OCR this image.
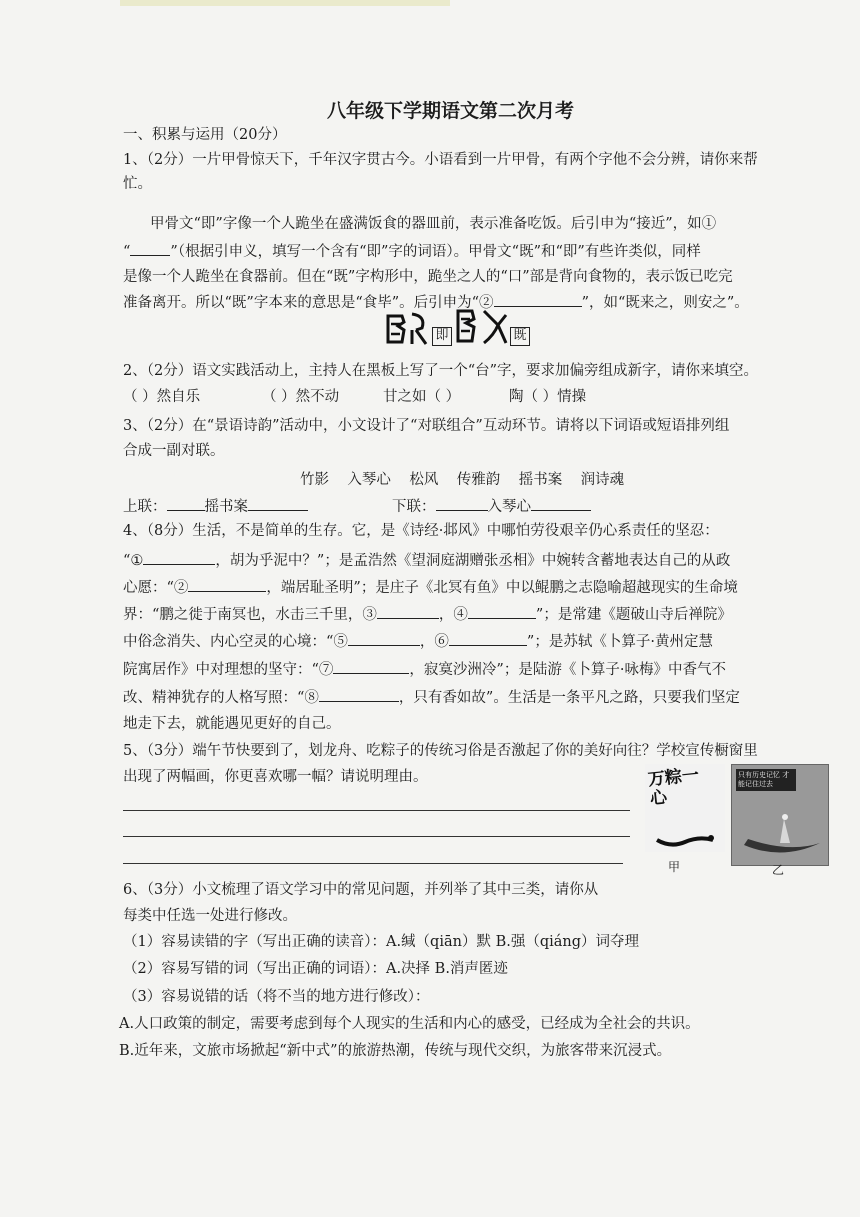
八年级下学期语文第二次月考
一、积累与运用（20分）
1、（2分）一片甲骨惊天下，千年汉字贯古今。小语看到一片甲骨，有两个字他不会分辨，请你来帮
忙。
甲骨文“即”字像一个人跪坐在盛满饭食的器皿前，表示准备吃饭。后引申为“接近”，如①
“	”（根据引申义，填写一个含有“即”字的词语）。甲骨文“既”和“即”有些许类似，同样
是像一个人跪坐在食器前。但在“既”字构形中，跪坐之人的“口”部是背向食物的，表示饭已吃完
准备离开。所以“既”字本来的意思是“食毕”。后引申为“②	”，如“既来之，则安之”。
即	既
2、（2分）语文实践活动上，主持人在黑板上写了一个“台”字，要求加偏旁组成新字，请你来填空。
（ ）然自乐	（ ）然不动	甘之如（ ）	陶（ ）情操
3、（2分）在“景语诗韵”活动中，小文设计了“对联组合”互动环节。请将以下词语或短语排列组
合成一副对联。
竹影    入琴心    松风    传雅韵    摇书案    润诗魂
上联：	摇书案	下联：	入琴心
4、（8分）生活，不是简单的生存。它，是《诗经·邶风》中哪怕劳役艰辛仍心系责任的坚忍：
“①	，胡为乎泥中？”；是孟浩然《望洞庭湖赠张丞相》中婉转含蓄地表达自己的从政
心愿：“②	，端居耻圣明”；是庄子《北冥有鱼》中以鲲鹏之志隐喻超越现实的生命境
界：“鹏之徙于南冥也，水击三千里，③	，④	”；是常建《题破山寺后禅院》
中俗念消失、内心空灵的心境：“⑤	，⑥	”；是苏轼《卜算子·黄州定慧
院寓居作》中对理想的坚守：“⑦	，寂寞沙洲冷”；是陆游《卜算子·咏梅》中香气不
改、精神犹存的人格写照：“⑧	，只有香如故”。生活是一条平凡之路，只要我们坚定
地走下去，就能遇见更好的自己。
5、（3分）端午节快要到了，划龙舟、吃粽子的传统习俗是否激起了你的美好向往？学校宣传橱窗里
出现了两幅画，你更喜欢哪一幅？请说明理由。	万粽一心
只有历史记忆 才能记住过去
甲	乙
6、（3分）小文梳理了语文学习中的常见问题，并列举了其中三类，请你从
每类中任选一处进行修改。
（1）容易读错的字（写出正确的读音）：A.缄（qiān）默 B.强（qiáng）词夺理
（2）容易写错的词（写出正确的词语）：A.决择 B.消声匿迹
（3）容易说错的话（将不当的地方进行修改）：
A.人口政策的制定，需要考虑到每个人现实的生活和内心的感受，已经成为全社会的共识。
B.近年来，文旅市场掀起“新中式”的旅游热潮，传统与现代交织，为旅客带来沉浸式。
